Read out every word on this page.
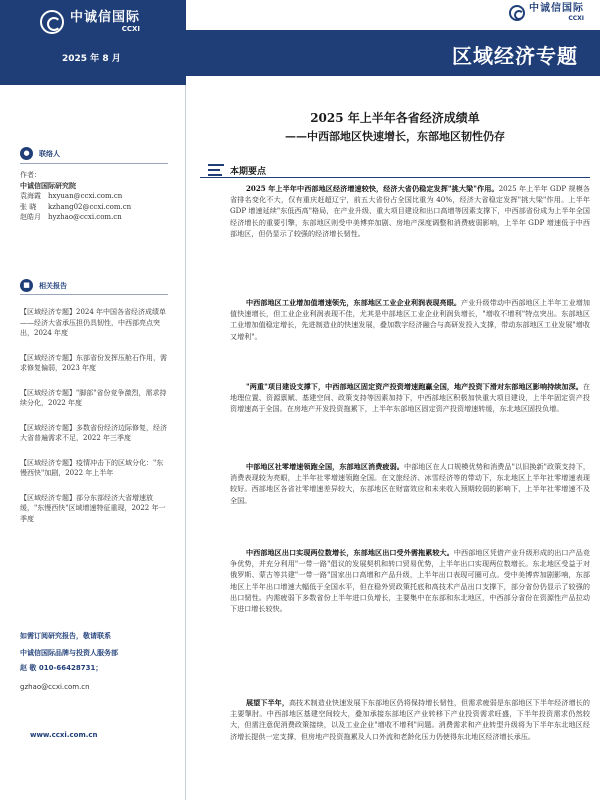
中诚信国际
CCXI
2025 年 8 月
中诚信国际
CCXI
区域经济专题
●	联络人
作者：
中诚信国际研究院
袁海霞	hxyuan@ccxi.com.cn
张 晓	kzhang02@ccxi.com.cn
赵皓月	hyzhao@ccxi.com.cn
■	相关报告
【区域经济专题】2024 年中国各省经济成绩单——经济大省承压担仍具韧性，中西部亮点突出，2024 年度
【区域经济专题】东部省份发挥压舱石作用，需求修复偏弱，2023 年度
【区域经济专题】"脚部"省份竞争激烈，需求持续分化，2022 年度
【区域经济专题】多数省份经济边际修复，经济大省普遍需求不足，2022 年三季度
【区域经济专题】疫情冲击下的区域分化："东慢西快"加剧，2022 年上半年
【区域经济专题】部分东部经济大省增速放缓，"东慢西快"区域增速特征重现，2022 年一季度
如需订阅研究报告，敬请联系
中诚信国际品牌与投资人服务部
赵 敬 010-66428731；
gzhao@ccxi.com.cn
www.ccxi.com.cn
2025 年上半年各省经济成绩单
——中西部地区快速增长，东部地区韧性仍存
本期要点

2025 年上半年中西部地区经济增速较快，经济大省仍稳定发挥"挑大梁"作用。2025 年上半年 GDP 规模各省排名变化不大，仅有重庆赶超辽宁，前五大省份占全国比重为 40%，经济大省稳定发挥"挑大梁"作用。上半年 GDP 增速延续"东低西高"格局，在产业升级、重大项目建设和出口高增等因素支撑下，中西部省份成为上半年全国经济增长的重要引擎，东部地区则受中美博弈加剧、房地产深度调整和消费疲弱影响，上半年 GDP 增速低于中西部地区，但仍显示了较强的经济增长韧性。

中西部地区工业增加值增速领先，东部地区工业企业利润表现亮眼。产业升级带动中西部地区上半年工业增加值快速增长，但工业企业利润表现不佳，尤其是中部地区工业企业利润负增长，"增收不增利"特点突出。东部地区工业增加值稳定增长，先进制造业的快速发展，叠加数字经济融合与高研发投入支撑，带动东部地区工业发展"增收又增利"。

"两重"项目建设支撑下，中西部地区固定资产投资增速跑赢全国，地产投资下滑对东部地区影响持续加深。在地理位置、资源禀赋、基建空间、政策支持等因素加持下，中西部地区积极加快重大项目建设，上半年固定资产投资增速高于全国。在房地产开发投资拖累下，上半年东部地区固定资产投资增速转缓，东北地区固投负增。

中部地区社零增速领跑全国，东部地区消费疲弱。中部地区在人口规模优势和消费品"以旧换新"政策支持下，消费表现较为亮眼，上半年社零增速领跑全国。在文旅经济、冰雪经济等的带动下，东北地区上半年社零增速表现较好。西部地区各省社零增速差异较大，东部地区在财富效应和未来收入预期较弱的影响下，上半年社零增速不及全国。

中西部地区出口实现两位数增长，东部地区出口受外需拖累较大。中西部地区凭借产业升级形成的出口产品竞争优势，并充分利用"一带一路"倡议的发展契机和转口贸易优势，上半年出口实现两位数增长。东北地区受益于对俄罗斯、蒙古等共建"一带一路"国家出口高增和产品升级，上半年出口表现可圈可点。受中美博弈加剧影响，东部地区上半年出口增速大幅低于全国水平，但在稳外贸政策托底和高技术产品出口支撑下，部分省份仍显示了较强的出口韧性。内需疲弱下多数省份上半年进口负增长，主要集中在东部和东北地区，中西部分省份在资源性产品拉动下进口增长较快。

展望下半年，高技术制造业快速发展下东部地区仍将保持增长韧性，但需求疲弱是东部地区下半年经济增长的主要掣肘。中西部地区基建空间较大，叠加承接东部地区产业转移下产业投资需求旺盛，下半年投资需求仍然较大，但需注意促消费政策接续，以及工业企业"增收不增利"问题。消费需求和产业转型升级将为下半年东北地区经济增长提供一定支撑，但房地产投资拖累及人口外流和老龄化压力仍使得东北地区经济增长承压。
